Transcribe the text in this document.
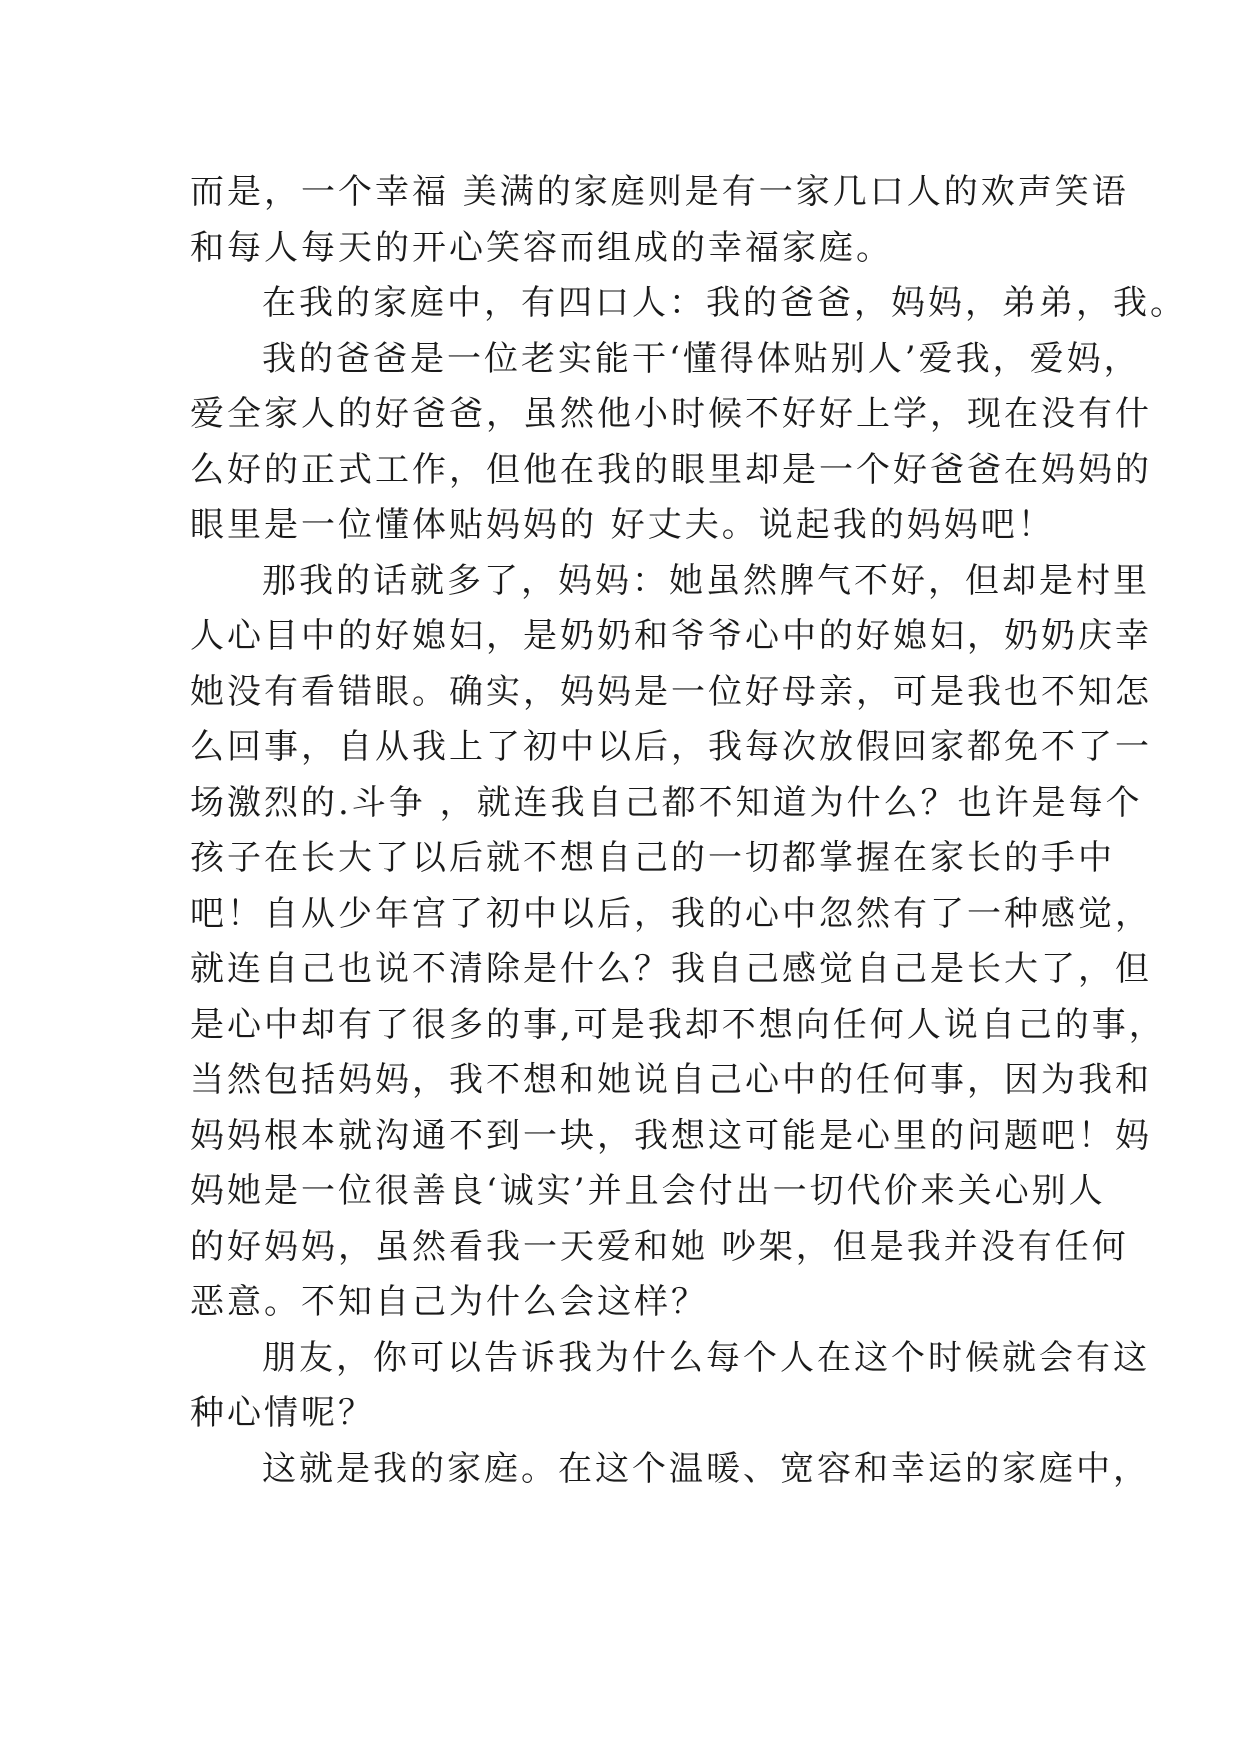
而是，一个幸福 美满的家庭则是有一家几口人的欢声笑语
和每人每天的开心笑容而组成的幸福家庭。
在我的家庭中，有四口人：我的爸爸，妈妈，弟弟，我。
我的爸爸是一位老实能干‘懂得体贴别人’爱我，爱妈，
爱全家人的好爸爸，虽然他小时候不好好上学，现在没有什
么好的正式工作，但他在我的眼里却是一个好爸爸在妈妈的
眼里是一位懂体贴妈妈的 好丈夫。说起我的妈妈吧！
那我的话就多了，妈妈：她虽然脾气不好，但却是村里
人心目中的好媳妇，是奶奶和爷爷心中的好媳妇，奶奶庆幸
她没有看错眼。确实，妈妈是一位好母亲，可是我也不知怎
么回事，自从我上了初中以后，我每次放假回家都免不了一
场激烈的.斗争 ，就连我自己都不知道为什么？也许是每个
孩子在长大了以后就不想自己的一切都掌握在家长的手中
吧！自从少年宫了初中以后，我的心中忽然有了一种感觉，
就连自己也说不清除是什么？我自己感觉自己是长大了，但
是心中却有了很多的事,可是我却不想向任何人说自己的事，
当然包括妈妈，我不想和她说自己心中的任何事，因为我和
妈妈根本就沟通不到一块，我想这可能是心里的问题吧！妈
妈她是一位很善良‘诚实’并且会付出一切代价来关心别人
的好妈妈，虽然看我一天爱和她 吵架，但是我并没有任何
恶意。不知自己为什么会这样？
朋友，你可以告诉我为什么每个人在这个时候就会有这
种心情呢？
这就是我的家庭。在这个温暖、宽容和幸运的家庭中，
